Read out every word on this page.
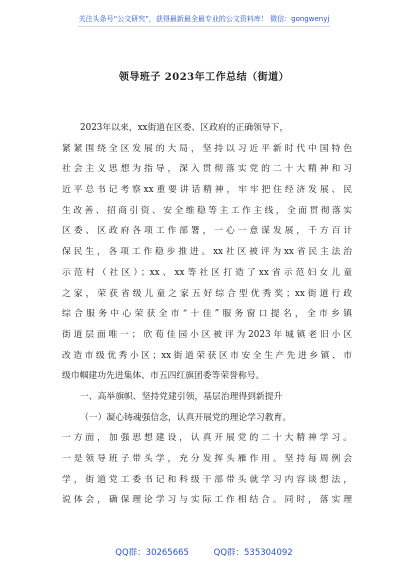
关注头条号“公文研究”，获得最新最全最专业的公文资料库！ 微信：gongwenyj
领导班子 2023年工作总结（街道）
2023年以来，xx街道在区委、区政府的正确领导下，
紧紧围绕全区发展的大局，坚持以习近平新时代中国特色
社会主义思想为指导，深入贯彻落实党的二十大精神和习
近平总书记考察xx重要讲话精神，牢牢把住经济发展、民
生改善、招商引资、安全维稳等主工作主线，全面贯彻落实
区委、区政府各项工作部署，一心一意谋发展，千方百计
保民生，各项工作稳步推进。xx社区被评为xx省民主法治
示范村（社区）；xx、xx等社区打造了xx省示范妇女儿童
之家，荣获省级儿童之家五好综合型优秀奖；xx街道行政
综合服务中心荣获全市“十佳”服务窗口提名，全市乡镇
街道层面唯一；欣荀佳园小区被评为2023年城镇老旧小区
改造市级优秀小区；xx街道荣获区市安全生产先进乡镇、市
级巾帼建功先进集体、市五四红旗团委等荣誉称号。
一、高举旗帜、坚持党建引领，基层治理得到新提升
（一）凝心铸魂强信念，认真开展党的理论学习教育。
一方面，加强思想建设，认真开展党的二十大精神学习。
一是领导班子带头学，充分发挥头雁作用。坚持每周例会
学，街道党工委书记和科级干部带头就学习内容谈想法，
说体会，确保理论学习与实际工作相结合。同时，落实理
QQ群：30265665	QQ群：535304092
